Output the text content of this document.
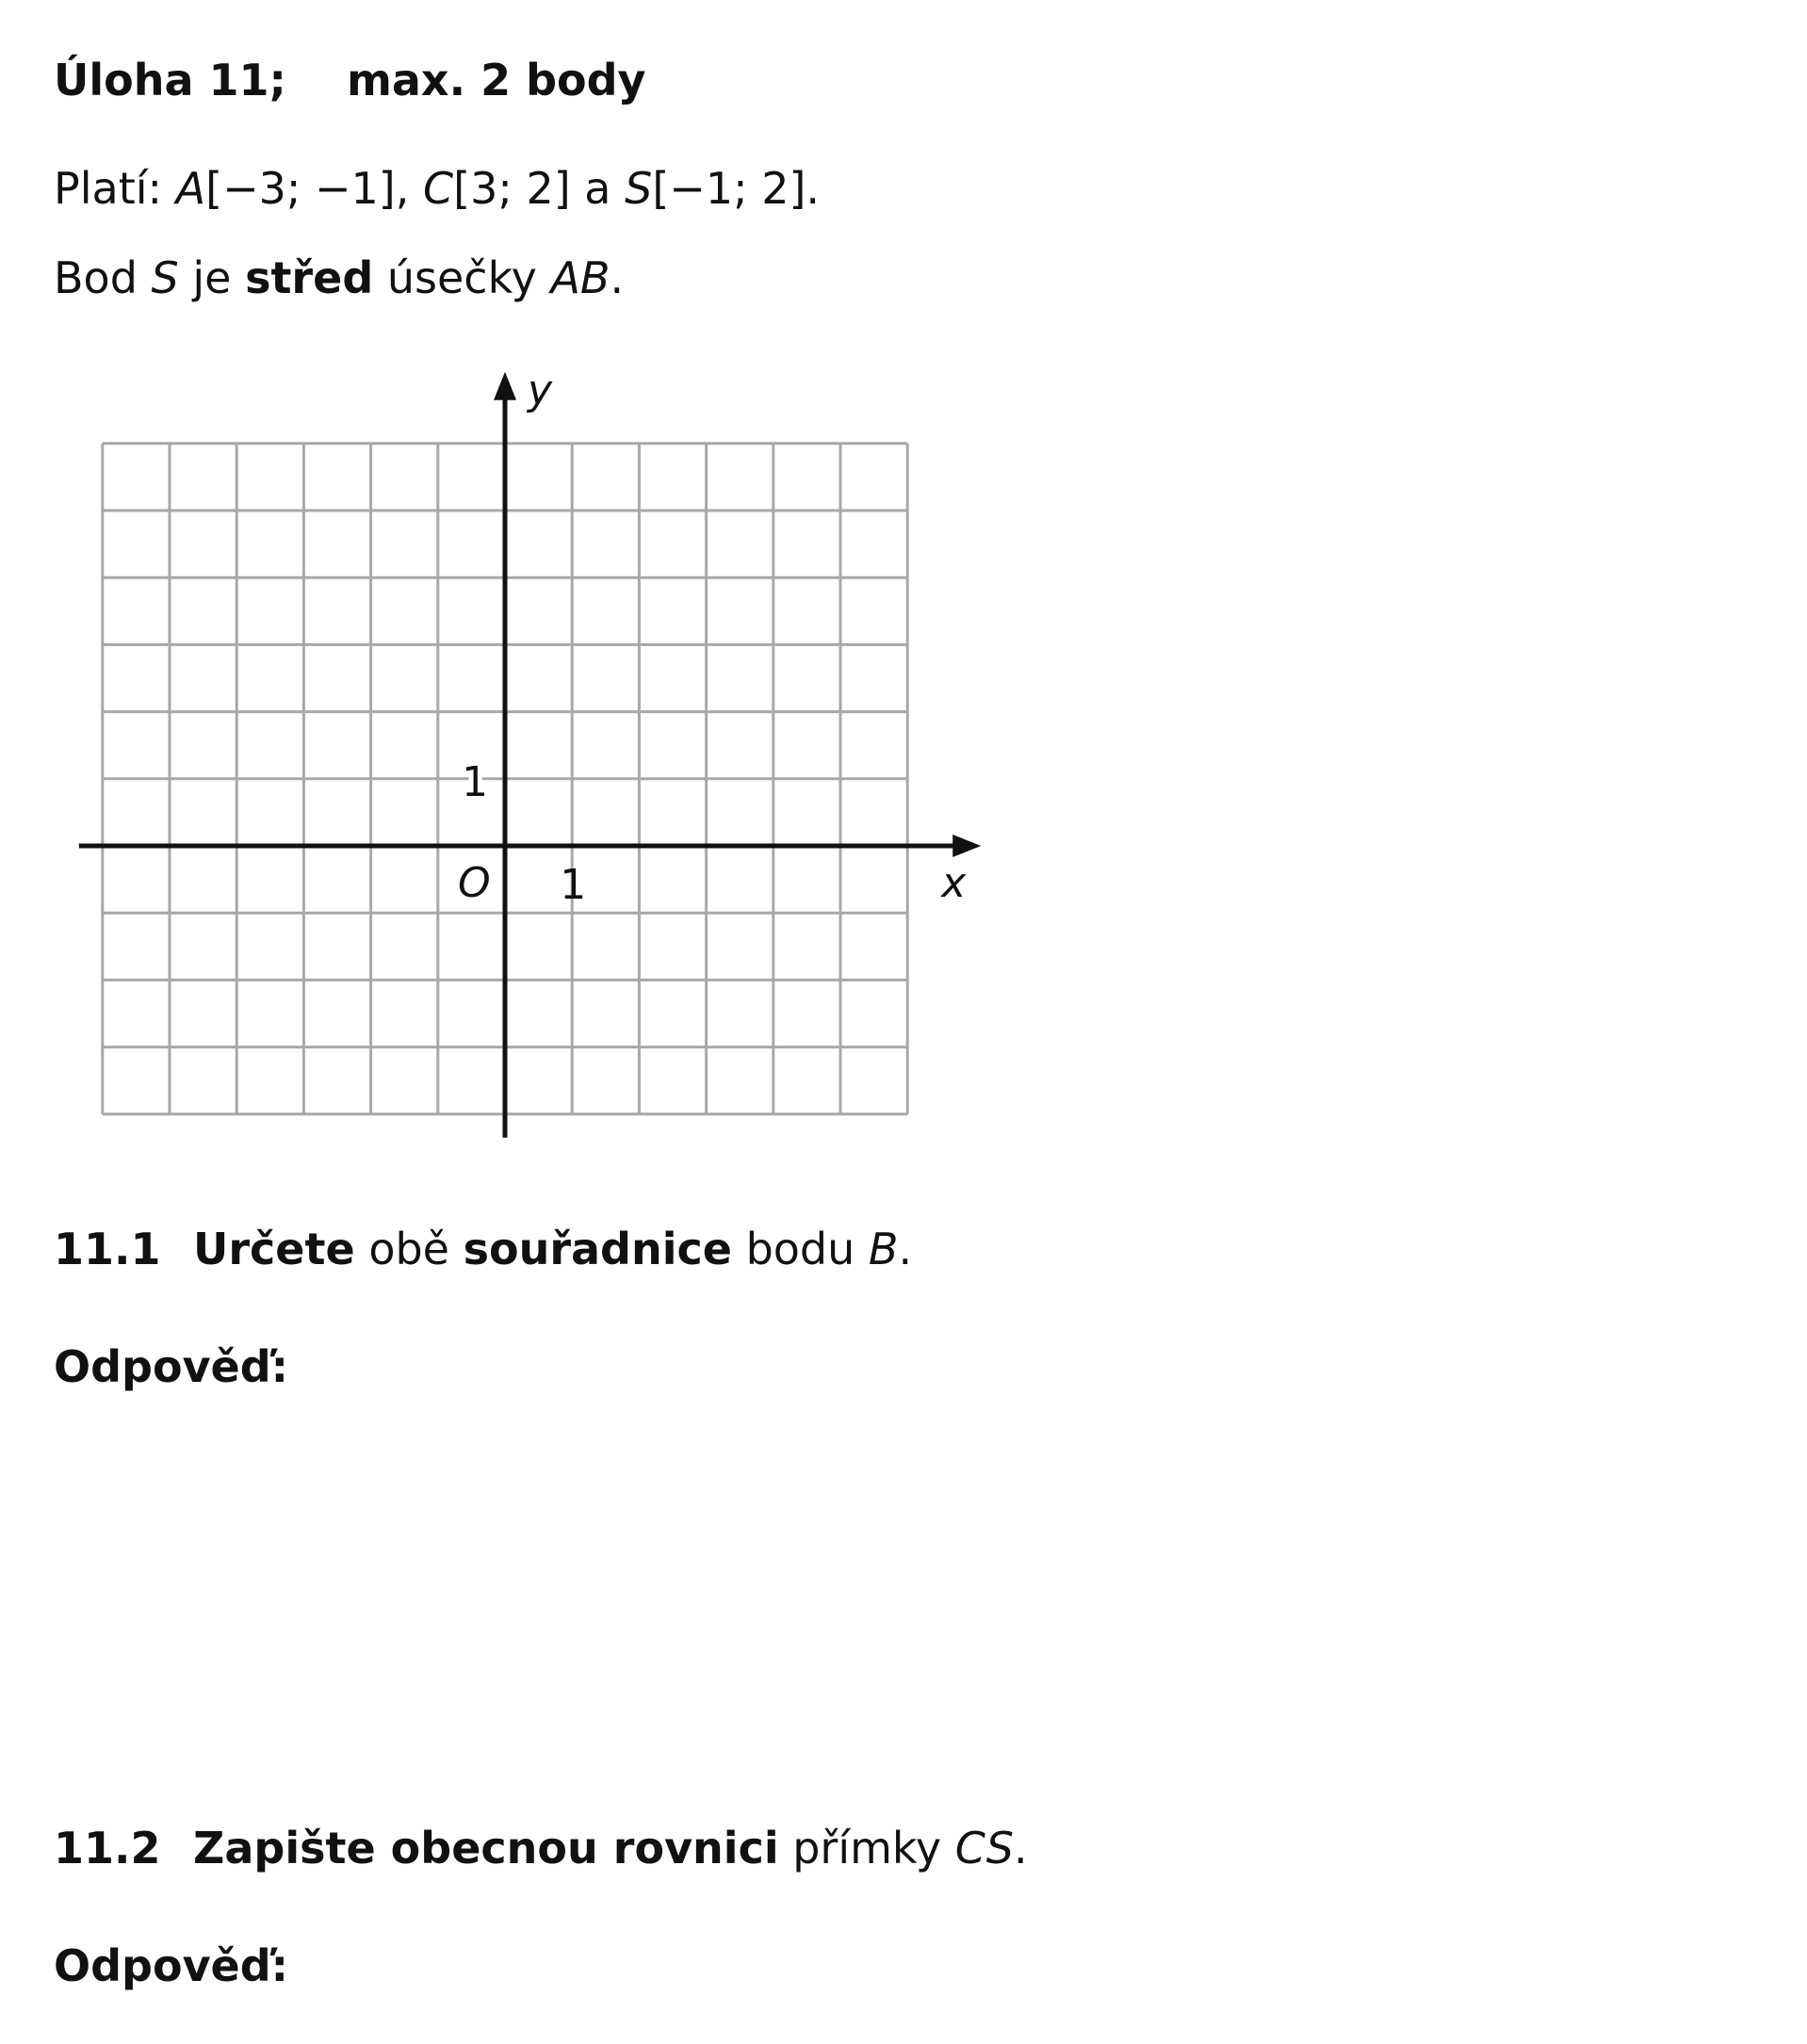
Úloha 11; max. 2 body
Platí: A[−3; −1], C[3; 2] a S[−1; 2].
Bod S je střed úsečky AB.
y
x
O 1
1
11.1 Určete obě souřadnice bodu B.
Odpověď:
11.2 Zapište obecnou rovnici přímky CS.
Odpověď:
